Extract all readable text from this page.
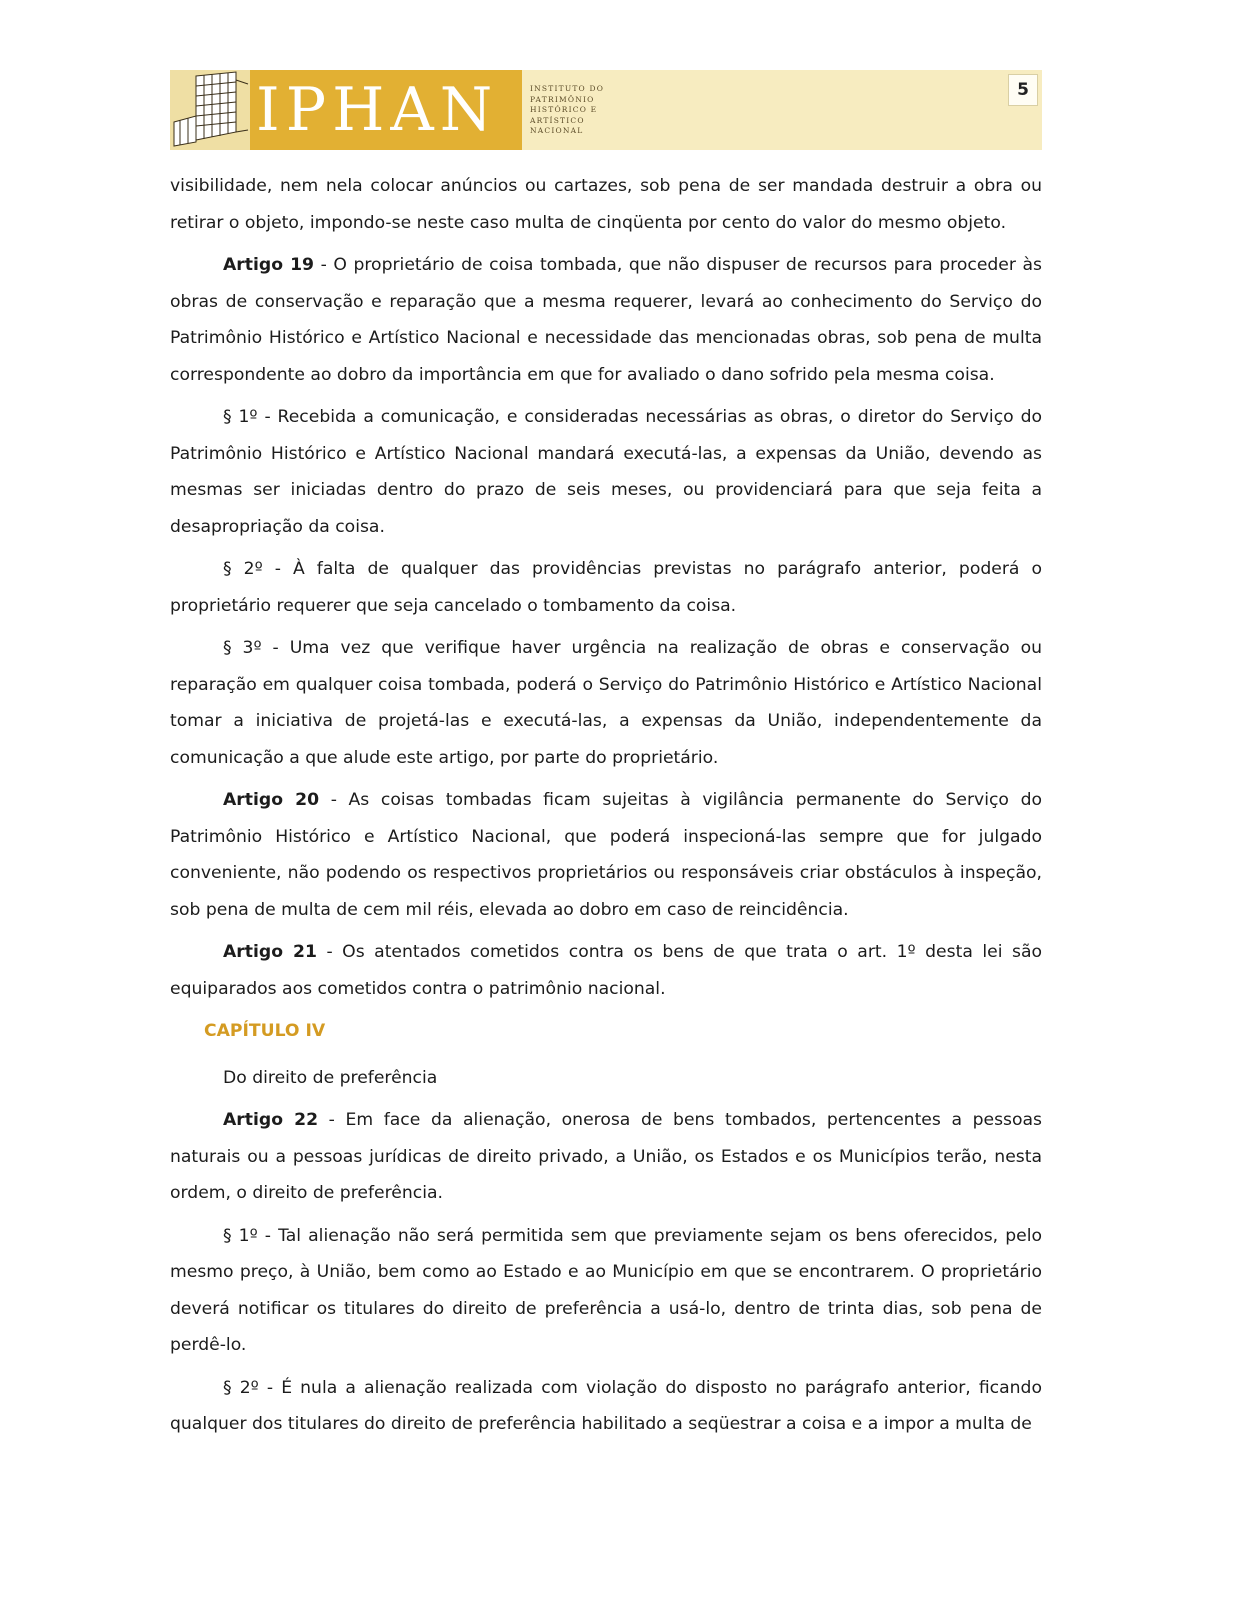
IPHAN	INSTITUTO DO
PATRIMÔNIO
HISTÓRICO E
ARTÍSTICO
NACIONAL
5

visibilidade, nem nela colocar anúncios ou cartazes, sob pena de ser mandada destruir a obra ou retirar o objeto, impondo-se neste caso multa de cinqüenta por cento do valor do mesmo objeto.

Artigo 19 - O proprietário de coisa tombada, que não dispuser de recursos para proceder às obras de conservação e reparação que a mesma requerer, levará ao conhecimento do Serviço do Patrimônio Histórico e Artístico Nacional e necessidade das mencionadas obras, sob pena de multa correspondente ao dobro da importância em que for avaliado o dano sofrido pela mesma coisa.

§ 1º - Recebida a comunicação, e consideradas necessárias as obras, o diretor do Serviço do Patrimônio Histórico e Artístico Nacional mandará executá-las, a expensas da União, devendo as mesmas ser iniciadas dentro do prazo de seis meses, ou providenciará para que seja feita a desapropriação da coisa.

§ 2º - À falta de qualquer das providências previstas no parágrafo anterior, poderá o proprietário requerer que seja cancelado o tombamento da coisa.

§ 3º - Uma vez que verifique haver urgência na realização de obras e conservação ou reparação em qualquer coisa tombada, poderá o Serviço do Patrimônio Histórico e Artístico Nacional tomar a iniciativa de projetá-las e executá-las, a expensas da União, independentemente da comunicação a que alude este artigo, por parte do proprietário.

Artigo 20 - As coisas tombadas ficam sujeitas à vigilância permanente do Serviço do Patrimônio Histórico e Artístico Nacional, que poderá inspecioná-las sempre que for julgado conveniente, não podendo os respectivos proprietários ou responsáveis criar obstáculos à inspeção, sob pena de multa de cem mil réis, elevada ao dobro em caso de reincidência.

Artigo 21 - Os atentados cometidos contra os bens de que trata o art. 1º desta lei são equiparados aos cometidos contra o patrimônio nacional.

CAPÍTULO IV
Do direito de preferência

Artigo 22 - Em face da alienação, onerosa de bens tombados, pertencentes a pessoas naturais ou a pessoas jurídicas de direito privado, a União, os Estados e os Municípios terão, nesta ordem, o direito de preferência.

§ 1º - Tal alienação não será permitida sem que previamente sejam os bens oferecidos, pelo mesmo preço, à União, bem como ao Estado e ao Município em que se encontrarem. O proprietário deverá notificar os titulares do direito de preferência a usá-lo, dentro de trinta dias, sob pena de perdê-lo.

§ 2º - É nula a alienação realizada com violação do disposto no parágrafo anterior, ficando qualquer dos titulares do direito de preferência habilitado a seqüestrar a coisa e a impor a multa de
